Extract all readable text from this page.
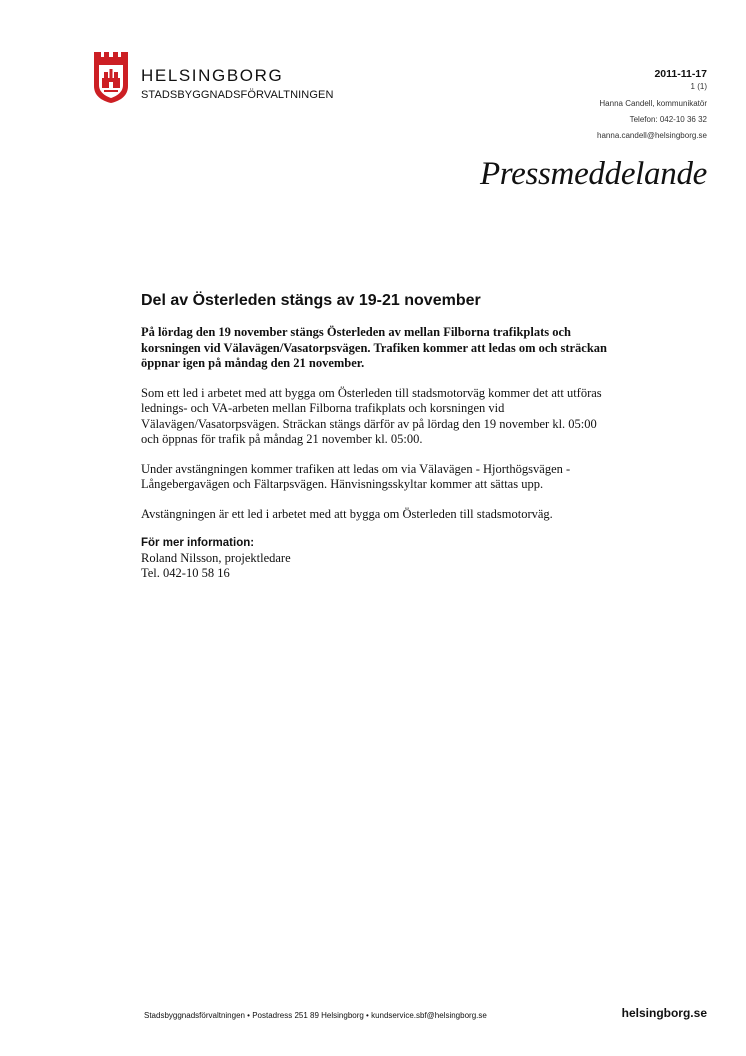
HELSINGBORG
STADSBYGGNADSFÖRVALTNINGEN
2011-11-17
1 (1)
Hanna Candell, kommunikatör
Telefon: 042-10 36 32
hanna.candell@helsingborg.se
Pressmeddelande
Del av Österleden stängs av 19-21 november

På lördag den 19 november stängs Österleden av mellan Filborna trafikplats och korsningen vid Välavägen/Vasatorpsvägen. Trafiken kommer att ledas om och sträckan öppnar igen på måndag den 21 november.

Som ett led i arbetet med att bygga om Österleden till stadsmotorväg kommer det att utföras lednings- och VA-arbeten mellan Filborna trafikplats och korsningen vid Välavägen/Vasatorpsvägen. Sträckan stängs därför av på lördag den 19 november kl. 05:00 och öppnas för trafik på måndag 21 november kl. 05:00.

Under avstängningen kommer trafiken att ledas om via Välavägen - Hjorthögsvägen - Långebergavägen och Fältarpsvägen. Hänvisningsskyltar kommer att sättas upp.

Avstängningen är ett led i arbetet med att bygga om Österleden till stadsmotorväg.

För mer information:

Roland Nilsson, projektledare

Tel. 042-10 58 16

Stadsbyggnadsförvaltningen • Postadress 251 89 Helsingborg • kundservice.sbf@helsingborg.se	helsingborg.se
